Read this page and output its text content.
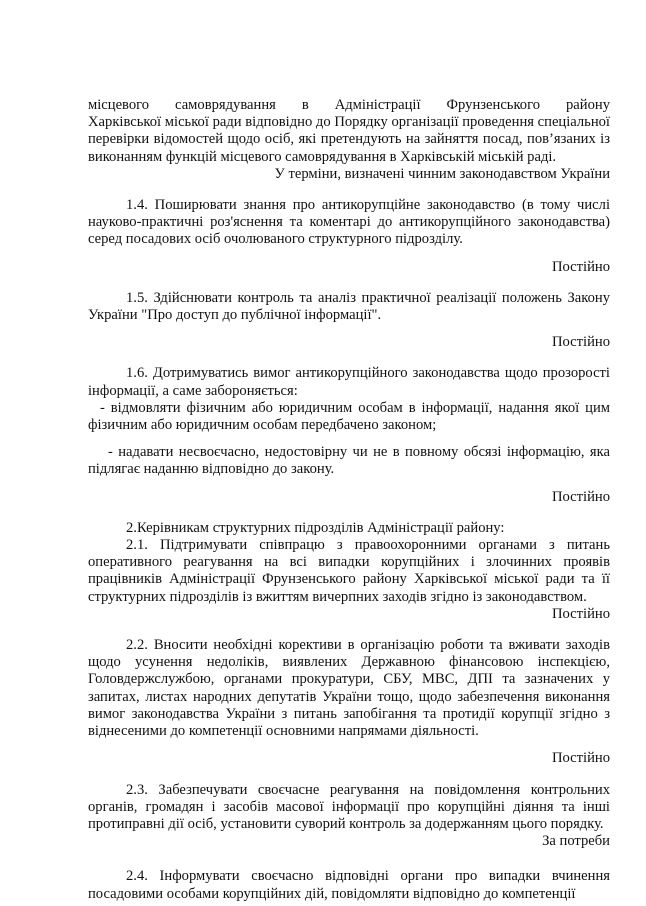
місцевого самоврядування в Адміністрації Фрунзенського району

Харківської міської ради відповідно до Порядку організації проведення спеціальної перевірки відомостей щодо осіб, які претендують на зайняття посад, пов’язаних із виконанням функцій місцевого самоврядування в Харківській міській раді.

У терміни, визначені чинним законодавством України

1.4. Поширювати знання про антикорупційне законодавство (в тому числі науково-практичні роз'яснення та коментарі до антикорупційного законодавства) серед посадових осіб очолюваного структурного підрозділу.

Постійно

1.5. Здійснювати контроль та аналіз практичної реалізації положень Закону України "Про доступ до публічної інформації".

Постійно

1.6. Дотримуватись вимог антикорупційного законодавства щодо прозорості інформації, а саме забороняється:

- відмовляти фізичним або юридичним особам в інформації, надання якої цим фізичним або юридичним особам передбачено законом;

- надавати несвоєчасно, недостовірну чи не в повному обсязі інформацію, яка підлягає наданню відповідно до закону.

Постійно

2.Керівникам структурних підрозділів Адміністрації району:

2.1. Підтримувати співпрацю з правоохоронними органами з питань оперативного реагування на всі випадки корупційних і злочинних проявів працівників Адміністрації Фрунзенського району Харківської міської ради та її структурних підрозділів із вжиттям вичерпних заходів згідно із законодавством.

Постійно

2.2. Вносити необхідні корективи в організацію роботи та вживати заходів щодо усунення недоліків, виявлених Державною фінансовою інспекцією, Головдержслужбою, органами прокуратури, СБУ, МВС, ДПІ та зазначених у запитах, листах народних депутатів України тощо, щодо забезпечення виконання вимог законодавства України з питань запобігання та протидії корупції згідно з віднесеними до компетенції основними напрямами діяльності.

Постійно

2.3. Забезпечувати своєчасне реагування на повідомлення контрольних органів, громадян і засобів масової інформації про корупційні діяння та інші протиправні дії осіб, установити суворий контроль за додержанням цього порядку.

За потреби

2.4. Інформувати своєчасно відповідні органи про випадки вчинення посадовими особами корупційних дій, повідомляти відповідно до компетенції
